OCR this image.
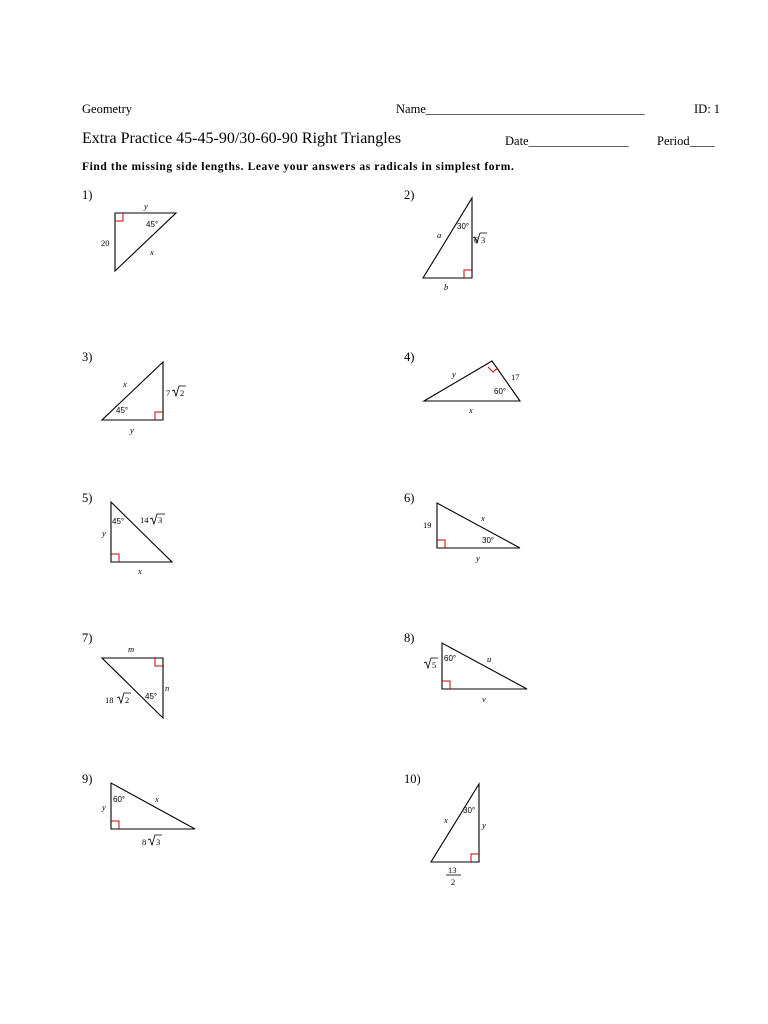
Geometry	Name___________________________________	ID: 1
Extra Practice 45-45-90/30-60-90 Right Triangles	Date________________ Period____
Find the missing side lengths. Leave your answers as radicals in simplest form.
1)	2)
3)	4)
5)	6)
7)	8)
9)	10)
y
45°
20
x
30°
a	6 3
b
x
7 2
45°
y
y	17
60°
x
14 3
45°
y
x
x
19
30°
y
m
n
45°
18 2
60°	u
5
v
60°	x
y
8 3
30°
x	y
13
2
